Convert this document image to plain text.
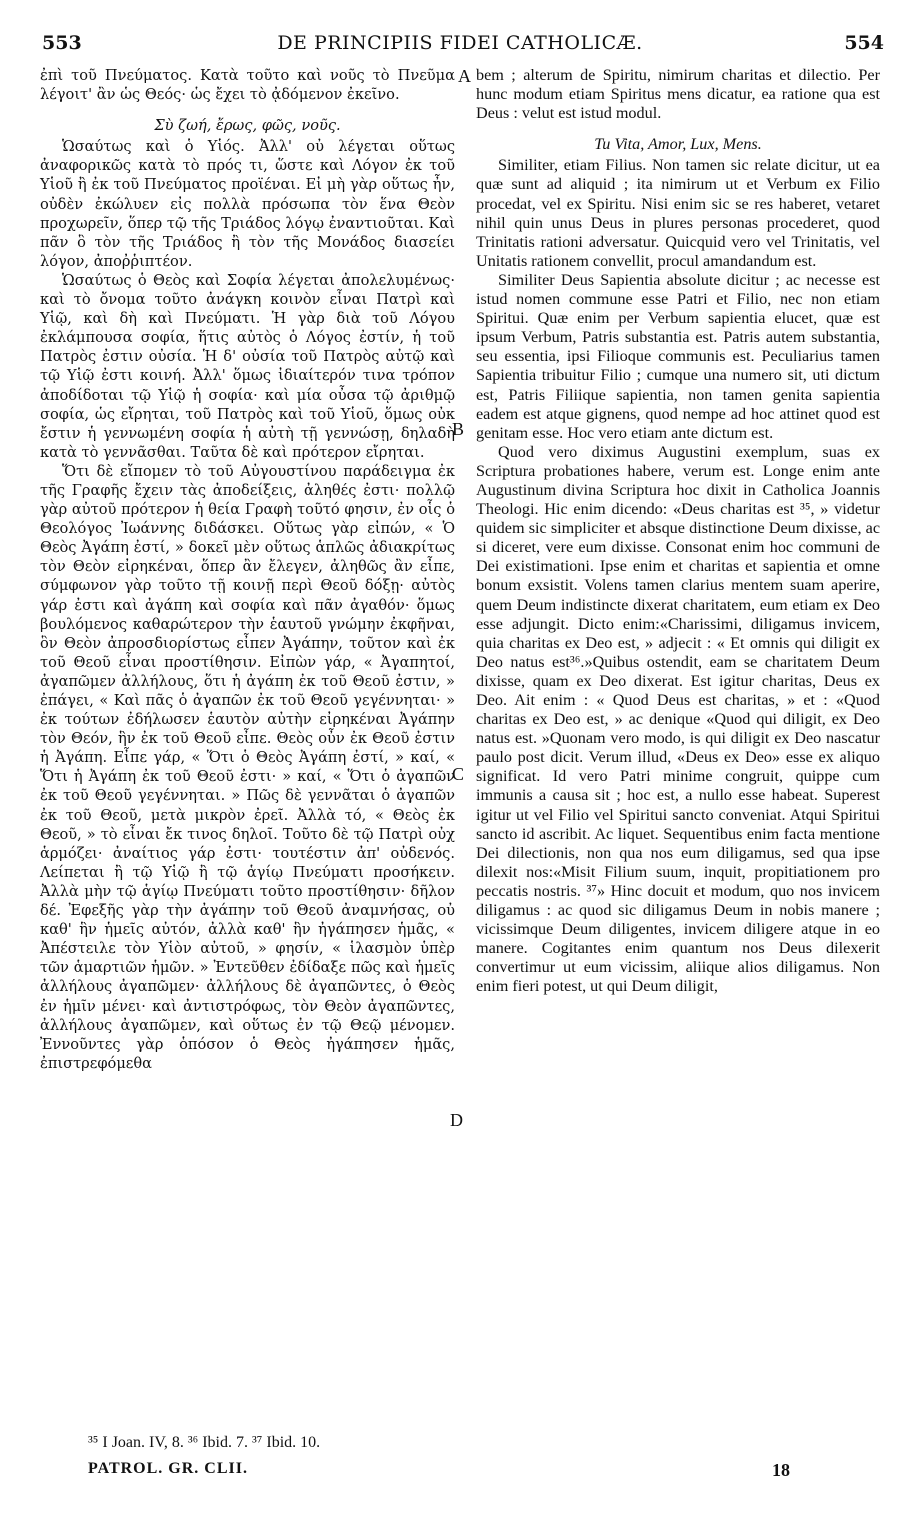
553	DE PRINCIPIIS FIDEI CATHOLICÆ.	554

ἐπὶ τοῦ Πνεύματος. Κατὰ τοῦτο καὶ νοῦς τὸ Πνεῦμα λέγοιτ' ἂν ὡς Θεός· ὡς ἔχει τὸ ᾀδόμενον ἐκεῖνο.

Σὺ ζωή, ἔρως, φῶς, νοῦς.

Ὡσαύτως καὶ ὁ Υἱός. Ἀλλ' οὐ λέγεται οὕτως ἀναφορικῶς κατὰ τὸ πρός τι, ὥστε καὶ Λόγον ἐκ τοῦ Υἱοῦ ἢ ἐκ τοῦ Πνεύματος προϊέναι. Εἰ μὴ γὰρ οὕτως ἦν, οὐδὲν ἐκώλυεν εἰς πολλὰ πρόσωπα τὸν ἕνα Θεὸν προχωρεῖν, ὅπερ τῷ τῆς Τριάδος λόγῳ ἐναντιοῦται. Καὶ πᾶν ὃ τὸν τῆς Τριάδος ἢ τὸν τῆς Μονάδος διασείει λόγον, ἀποῤῥιπτέον.

Ὡσαύτως ὁ Θεὸς καὶ Σοφία λέγεται ἀπολελυμένως· καὶ τὸ ὄνομα τοῦτο ἀνάγκη κοινὸν εἶναι Πατρὶ καὶ Υἱῷ, καὶ δὴ καὶ Πνεύματι. Ἡ γὰρ διὰ τοῦ Λόγου ἐκλάμπουσα σοφία, ἥτις αὐτὸς ὁ Λόγος ἐστίν, ἡ τοῦ Πατρὸς ἐστιν οὐσία. Ἡ δ' οὐσία τοῦ Πατρὸς αὐτῷ καὶ τῷ Υἱῷ ἐστι κοινή. Ἀλλ' ὅμως ἰδιαίτερόν τινα τρόπον ἀποδίδοται τῷ Υἱῷ ἡ σοφία· καὶ μία οὖσα τῷ ἀριθμῷ σοφία, ὡς εἴρηται, τοῦ Πατρὸς καὶ τοῦ Υἱοῦ, ὅμως οὐκ ἔστιν ἡ γεννωμένη σοφία ἡ αὐτὴ τῇ γεννώσῃ, δηλαδὴ κατὰ τὸ γεννᾶσθαι. Ταῦτα δὲ καὶ πρότερον εἴρηται.

Ὅτι δὲ εἴπομεν τὸ τοῦ Αὐγουστίνου παράδειγμα ἐκ τῆς Γραφῆς ἔχειν τὰς ἀποδείξεις, ἀληθές ἐστι· πολλῷ γὰρ αὐτοῦ πρότερον ἡ θεία Γραφὴ τοῦτό φησιν, ἐν οἷς ὁ Θεολόγος Ἰωάννης διδάσκει. Οὕτως γὰρ εἰπών, « Ὁ Θεὸς Ἀγάπη ἐστί, » δοκεῖ μὲν οὕτως ἁπλῶς ἀδιακρίτως τὸν Θεὸν εἰρηκέναι, ὅπερ ἂν ἔλεγεν, ἀληθῶς ἂν εἶπε, σύμφωνον γὰρ τοῦτο τῇ κοινῇ περὶ Θεοῦ δόξῃ· αὐτὸς γάρ ἐστι καὶ ἀγάπη καὶ σοφία καὶ πᾶν ἀγαθόν· ὅμως βουλόμενος καθαρώτερον τὴν ἑαυτοῦ γνώμην ἐκφῆναι, ὃν Θεὸν ἀπροσδιορίστως εἶπεν Ἀγάπην, τοῦτον καὶ ἐκ τοῦ Θεοῦ εἶναι προστίθησιν. Εἰπὼν γάρ, « Ἀγαπητοί, ἀγαπῶμεν ἀλλήλους, ὅτι ἡ ἀγάπη ἐκ τοῦ Θεοῦ ἐστιν, » ἐπάγει, « Καὶ πᾶς ὁ ἀγαπῶν ἐκ τοῦ Θεοῦ γεγέννηται· » ἐκ τούτων ἐδήλωσεν ἑαυτὸν αὐτὴν εἰρηκέναι Ἀγάπην τὸν Θεόν, ἣν ἐκ τοῦ Θεοῦ εἶπε. Θεὸς οὖν ἐκ Θεοῦ ἐστιν ἡ Ἀγάπη. Εἶπε γάρ, « Ὅτι ὁ Θεὸς Ἀγάπη ἐστί, » καί, « Ὅτι ἡ Ἀγάπη ἐκ τοῦ Θεοῦ ἐστι· » καί, « Ὅτι ὁ ἀγαπῶν ἐκ τοῦ Θεοῦ γεγέννηται. » Πῶς δὲ γεννᾶται ὁ ἀγαπῶν ἐκ τοῦ Θεοῦ, μετὰ μικρὸν ἐρεῖ. Ἀλλὰ τό, « Θεὸς ἐκ Θεοῦ, » τὸ εἶναι ἔκ τινος δηλοῖ. Τοῦτο δὲ τῷ Πατρὶ οὐχ ἁρμόζει· ἀναίτιος γάρ ἐστι· τουτέστιν ἀπ' οὐδενός. Λείπεται ἢ τῷ Υἱῷ ἢ τῷ ἁγίῳ Πνεύματι προσήκειν. Ἀλλὰ μὴν τῷ ἁγίῳ Πνεύματι τοῦτο προστίθησιν· δῆλον δέ. Ἐφεξῆς γὰρ τὴν ἀγάπην τοῦ Θεοῦ ἀναμνήσας, οὐ καθ' ἣν ἡμεῖς αὐτόν, ἀλλὰ καθ' ἣν ἠγάπησεν ἡμᾶς, « Ἀπέστειλε τὸν Υἱὸν αὐτοῦ, » φησίν, « ἱλασμὸν ὑπὲρ τῶν ἁμαρτιῶν ἡμῶν. » Ἐντεῦθεν ἐδίδαξε πῶς καὶ ἡμεῖς ἀλλήλους ἀγαπῶμεν· ἀλλήλους δὲ ἀγαπῶντες, ὁ Θεὸς ἐν ἡμῖν μένει· καὶ ἀντιστρόφως, τὸν Θεὸν ἀγαπῶντες, ἀλλήλους ἀγαπῶμεν, καὶ οὕτως ἐν τῷ Θεῷ μένομεν. Ἐννοῦντες γὰρ ὁπόσον ὁ Θεὸς ἠγάπησεν ἡμᾶς, ἐπιστρεφόμεθα

A
B
C
D

bem ; alterum de Spiritu, nimirum charitas et dilectio. Per hunc modum etiam Spiritus mens dicatur, ea ratione qua est Deus : velut est istud modul.

Tu Vita, Amor, Lux, Mens.

Similiter, etiam Filius. Non tamen sic relate dicitur, ut ea quæ sunt ad aliquid ; ita nimirum ut et Verbum ex Filio procedat, vel ex Spiritu. Nisi enim sic se res haberet, vetaret nihil quin unus Deus in plures personas procederet, quod Trinitatis rationi adversatur. Quicquid vero vel Trinitatis, vel Unitatis rationem convellit, procul amandandum est.

Similiter Deus Sapientia absolute dicitur ; ac necesse est istud nomen commune esse Patri et Filio, nec non etiam Spiritui. Quæ enim per Verbum sapientia elucet, quæ est ipsum Verbum, Patris substantia est. Patris autem substantia, seu essentia, ipsi Filioque communis est. Peculiarius tamen Sapientia tribuitur Filio ; cumque una numero sit, uti dictum est, Patris Filiique sapientia, non tamen genita sapientia eadem est atque gignens, quod nempe ad hoc attinet quod est genitam esse. Hoc vero etiam ante dictum est.

Quod vero diximus Augustini exemplum, suas ex Scriptura probationes habere, verum est. Longe enim ante Augustinum divina Scriptura hoc dixit in Catholica Joannis Theologi. Hic enim dicendo: «Deus charitas est ³⁵, » videtur quidem sic simpliciter et absque distinctione Deum dixisse, ac si diceret, vere eum dixisse. Consonat enim hoc communi de Dei existimationi. Ipse enim et charitas et sapientia et omne bonum exsistit. Volens tamen clarius mentem suam aperire, quem Deum indistincte dixerat charitatem, eum etiam ex Deo esse adjungit. Dicto enim:«Charissimi, diligamus invicem, quia charitas ex Deo est, » adjecit : « Et omnis qui diligit ex Deo natus est³⁶.»Quibus ostendit, eam se charitatem Deum dixisse, quam ex Deo dixerat. Est igitur charitas, Deus ex Deo. Ait enim : « Quod Deus est charitas, » et : «Quod charitas ex Deo est, » ac denique «Quod qui diligit, ex Deo natus est. »Quonam vero modo, is qui diligit ex Deo nascatur paulo post dicit. Verum illud, «Deus ex Deo» esse ex aliquo significat. Id vero Patri minime congruit, quippe cum immunis a causa sit ; hoc est, a nullo esse habeat. Superest igitur ut vel Filio vel Spiritui sancto conveniat. Atqui Spiritui sancto id ascribit. Ac liquet. Sequentibus enim facta mentione Dei dilectionis, non qua nos eum diligamus, sed qua ipse dilexit nos:«Misit Filium suum, inquit, propitiationem pro peccatis nostris. ³⁷» Hinc docuit et modum, quo nos invicem diligamus : ac quod sic diligamus Deum in nobis manere ; vicissimque Deum diligentes, invicem diligere atque in eo manere. Cogitantes enim quantum nos Deus dilexerit convertimur ut eum vicissim, aliique alios diligamus. Non enim fieri potest, ut qui Deum diligit,

³⁵ I Joan. IV, 8. ³⁶ Ibid. 7. ³⁷ Ibid. 10.
PATROL. GR. CLII.	18
